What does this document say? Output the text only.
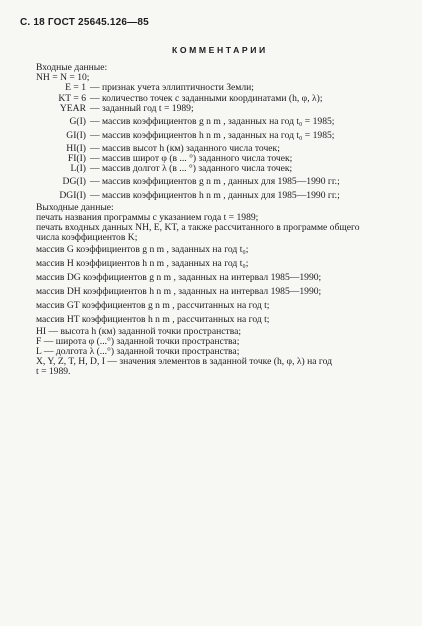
С. 18 ГОСТ 25645.126—85
КОММЕНТАРИИ
Входные данные:
NH = N = 10;
E = 1 — признак учета эллиптичности Земли;
KT = 6 — количество точек с заданными координатами (h, φ, λ);
YEAR — заданный год t = 1989;
G(I) — массив коэффициентов g n m , заданных на год t₀ = 1985;
GI(I) — массив коэффициентов h n m , заданных на год t₀ = 1985;
HI(I) — массив высот h (км) заданного числа точек;
FI(I) — массив широт φ (в ... °) заданного числа точек;
L(I) — массив долгот λ (в ... °) заданного числа точек;
DG(I) — массив коэффициентов g n m , данных для 1985—1990 гг.;
DGI(I) — массив коэффициентов h n m , данных для 1985—1990 гг.;
Выходные данные:
печать названия программы с указанием года t = 1989;
печать входных данных NH, E, KT, а также рассчитанного в программе общего
числа коэффициентов K;
массив G коэффициентов g n m , заданных на год t₀;
массив H коэффициентов h n m , заданных на год t₀;
массив DG коэффициентов g n m , заданных на интервал 1985—1990;
массив DH коэффициентов h n m , заданных на интервал 1985—1990;
массив GT коэффициентов g n m , рассчитанных на год t;
массив HT коэффициентов h n m , рассчитанных на год t;
HI — высота h (км) заданной точки пространства;
F — широта φ (...°) заданной точки пространства;
L — долгота λ (...°) заданной точки пространства;
X, Y, Z, T, H, D, I — значения элементов в заданной точке (h, φ, λ) на год
t = 1989.
